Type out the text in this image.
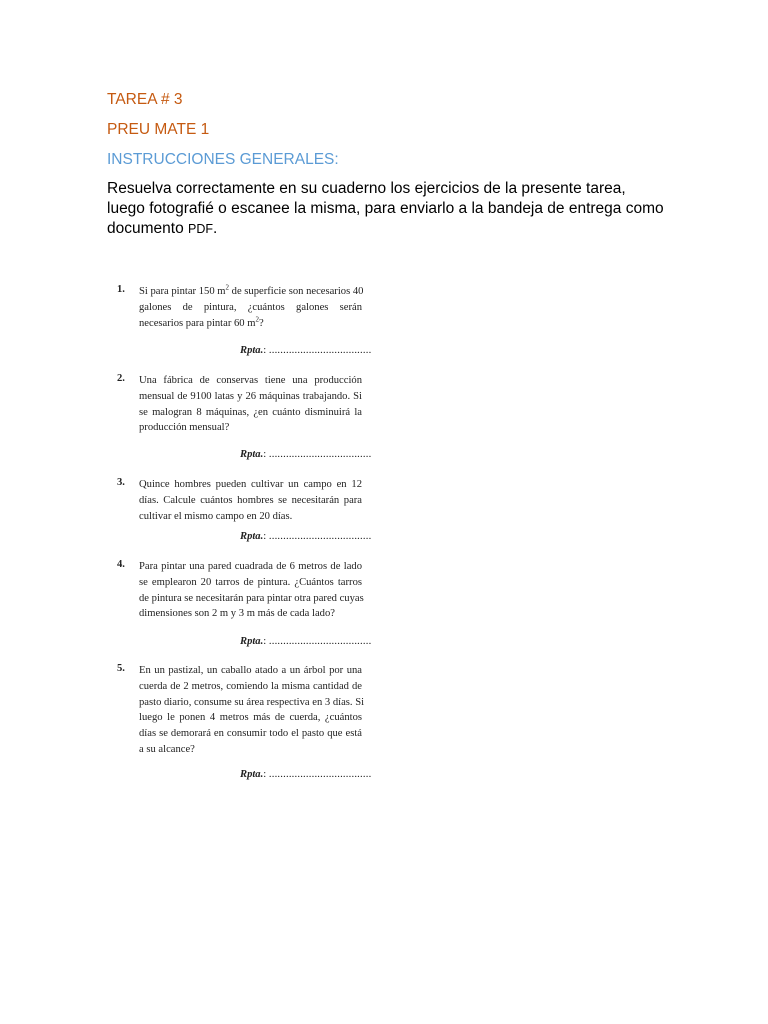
TAREA # 3
PREU MATE 1
INSTRUCCIONES GENERALES:

Resuelva correctamente en su cuaderno los ejercicios de la presente tarea, luego fotografié o escanee la misma, para enviarlo a la bandeja de entrega como documento PDF.

1. Si para pintar 150 $m^2$ de superficie son necesarios 40
galones de pintura, ¿cuántos galones serán
necesarios para pintar 60 $m^2$?

Rpta.: ....................................
2. Una fábrica de conservas tiene una producción
mensual de 9100 latas y 26 máquinas trabajando. Si
se malogran 8 máquinas, ¿en cuánto disminuirá la
producción mensual?

Rpta.: ....................................
3. Quince hombres pueden cultivar un campo en 12
días. Calcule cuántos hombres se necesitarán para
cultivar el mismo campo en 20 días.

Rpta.: ....................................
4. Para pintar una pared cuadrada de 6 metros de lado
se emplearon 20 tarros de pintura. ¿Cuántos tarros
de pintura se necesitarán para pintar otra pared cuyas
dimensiones son 2 m y 3 m más de cada lado?

Rpta.: ....................................
5. En un pastizal, un caballo atado a un árbol por una
cuerda de 2 metros, comiendo la misma cantidad de
pasto diario, consume su área respectiva en 3 días. Si
luego le ponen 4 metros más de cuerda, ¿cuántos
días se demorará en consumir todo el pasto que está
a su alcance?

Rpta.: ....................................
